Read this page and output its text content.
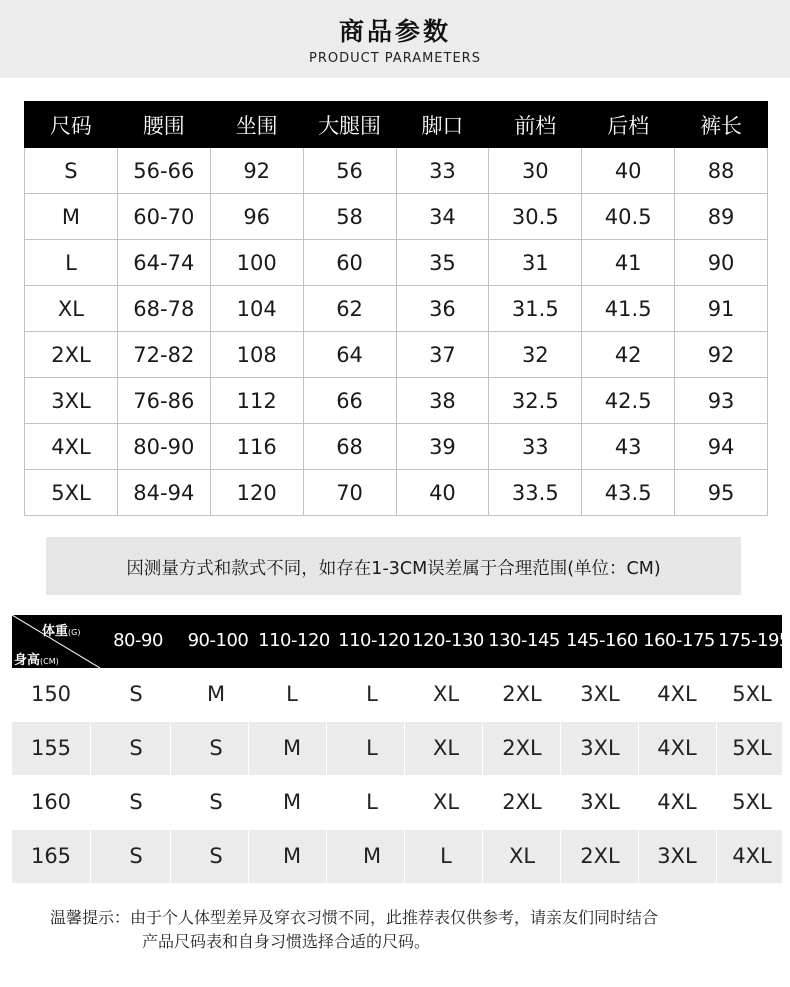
商品参数
PRODUCT PARAMETERS
尺码	腰围	坐围	大腿围	脚口	前档	后档	裤长
S	56-66	92	56	33	30	40	88
M	60-70	96	58	34	30.5	40.5	89
L	64-74	100	60	35	31	41	90
XL	68-78	104	62	36	31.5	41.5	91
2XL	72-82	108	64	37	32	42	92
3XL	76-86	112	66	38	32.5	42.5	93
4XL	80-90	116	68	39	33	43	94
5XL	84-94	120	70	40	33.5	43.5	95
因测量方式和款式不同，如存在1-3CM误差属于合理范围(单位：CM)
体重(G)
身高(CM)
80-90	90-100 110-120 110-120 120-130 130-145 145-160 160-175 175-195
150	S	M	L	L	XL	2XL	3XL	4XL	5XL
155	S	S	M	L	XL	2XL	3XL	4XL	5XL
160	S	S	M	L	XL	2XL	3XL	4XL	5XL
165	S	S	M	M	L	XL	2XL	3XL	4XL
温馨提示：由于个人体型差异及穿衣习惯不同，此推荐表仅供参考，请亲友们同时结合
产品尺码表和自身习惯选择合适的尺码。
